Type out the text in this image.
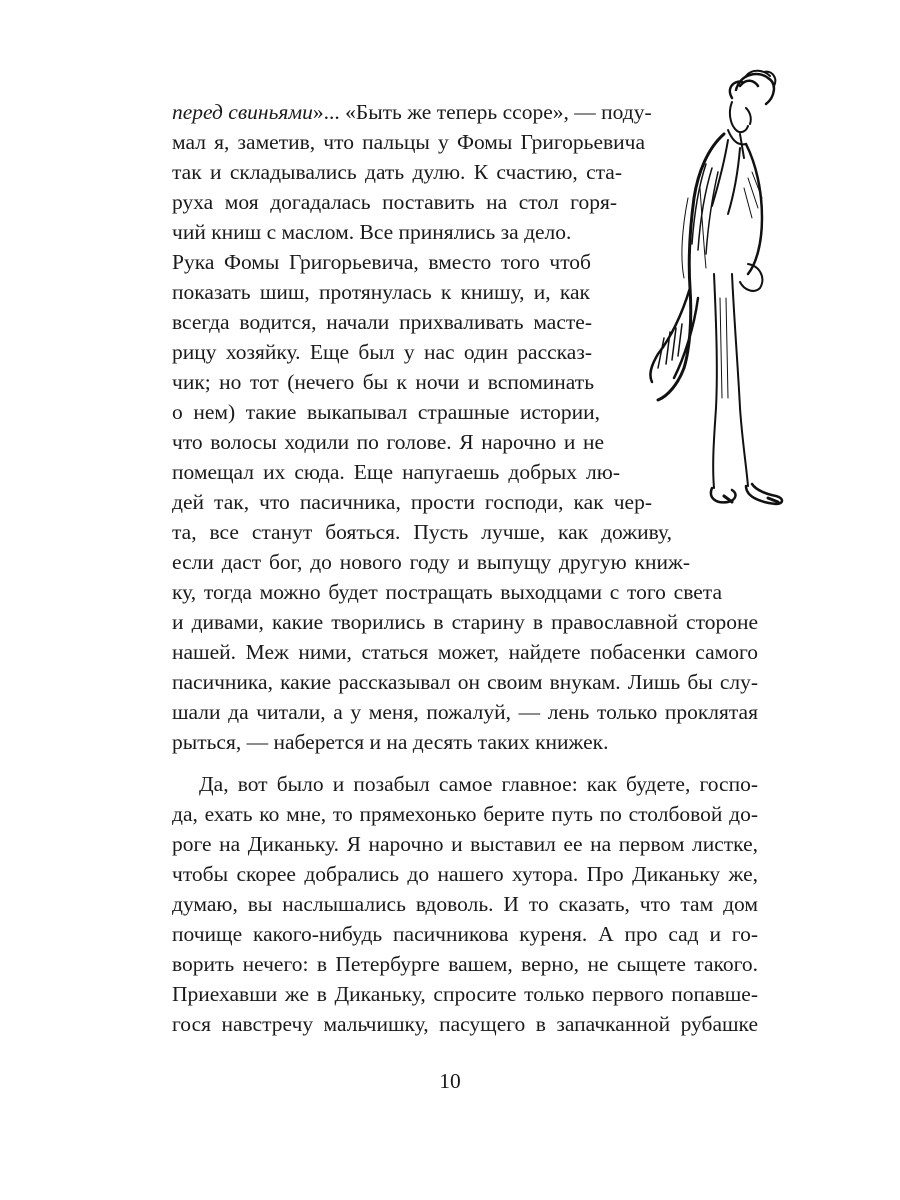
перед свиньями»... «Быть же теперь ссоре», — поду-
мал я, заметив, что пальцы у Фомы Григорьевича
так и складывались дать дулю. К счастию, ста-
руха моя догадалась поставить на стол горя-
чий книш с маслом. Все принялись за дело.
Рука Фомы Григорьевича, вместо того чтоб
показать шиш, протянулась к книшу, и, как
всегда водится, начали прихваливать масте-
рицу хозяйку. Еще был у нас один рассказ-
чик; но тот (нечего бы к ночи и вспоминать
о нем) такие выкапывал страшные истории,
что волосы ходили по голове. Я нарочно и не
помещал их сюда. Еще напугаешь добрых лю-
дей так, что пасичника, прости господи, как чер-
та, все станут бояться. Пусть лучше, как доживу,
если даст бог, до нового году и выпущу другую книж-
ку, тогда можно будет постращать выходцами с того света
и дивами, какие творились в старину в православной стороне
нашей. Меж ними, статься может, найдете побасенки самого
пасичника, какие рассказывал он своим внукам. Лишь бы слу-
шали да читали, а у меня, пожалуй, — лень только проклятая
рыться, — наберется и на десять таких книжек.
Да, вот было и позабыл самое главное: как будете, госпо-
да, ехать ко мне, то прямехонько берите путь по столбовой до-
роге на Диканьку. Я нарочно и выставил ее на первом листке,
чтобы скорее добрались до нашего хутора. Про Диканьку же,
думаю, вы наслышались вдоволь. И то сказать, что там дом
почище какого-нибудь пасичникова куреня. А про сад и го-
ворить нечего: в Петербурге вашем, верно, не сыщете такого.
Приехавши же в Диканьку, спросите только первого попавше-
гося навстречу мальчишку, пасущего в запачканной рубашке
10
